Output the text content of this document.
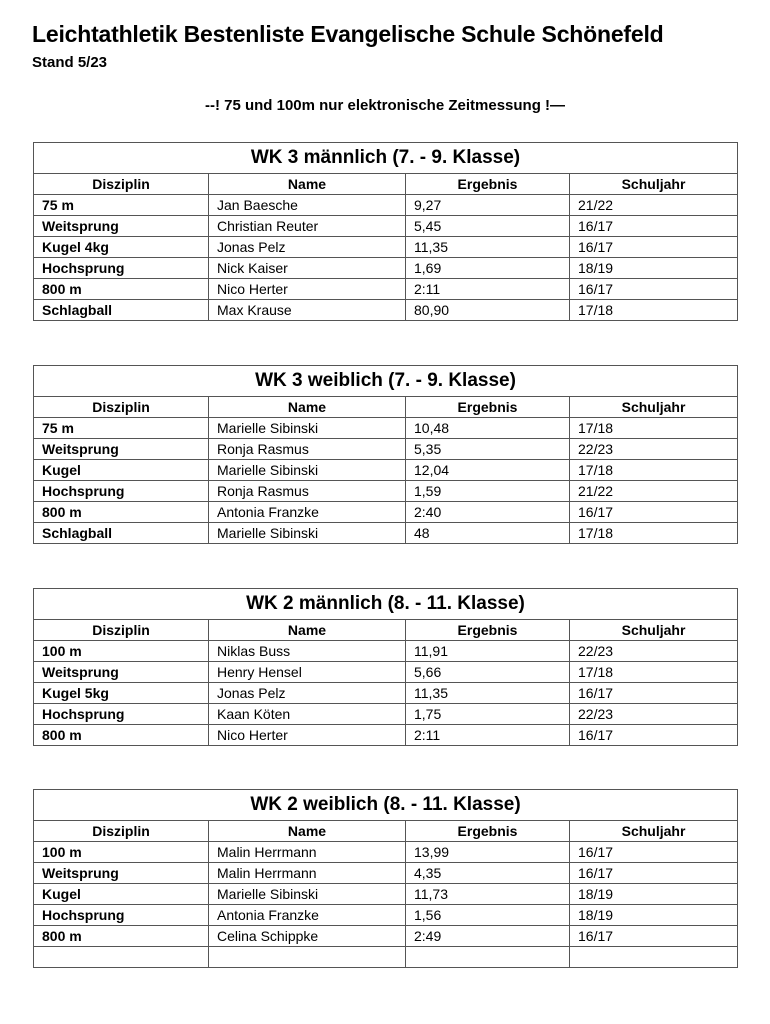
Leichtathletik Bestenliste Evangelische Schule Schönefeld
Stand 5/23
--! 75 und 100m nur elektronische Zeitmessung !—
WK 3 männlich (7. - 9. Klasse)			
Disziplin	Name	Ergebnis	Schuljahr
75 m	Jan Baesche	9,27	21/22
Weitsprung	Christian Reuter	5,45	16/17
Kugel 4kg	Jonas Pelz	11,35	16/17
Hochsprung	Nick Kaiser	1,69	18/19
800 m	Nico Herter	2:11	16/17
Schlagball	Max Krause	80,90	17/18
WK 3 weiblich (7. - 9. Klasse)			
Disziplin	Name	Ergebnis	Schuljahr
75 m	Marielle Sibinski	10,48	17/18
Weitsprung	Ronja Rasmus	5,35	22/23
Kugel	Marielle Sibinski	12,04	17/18
Hochsprung	Ronja Rasmus	1,59	21/22
800 m	Antonia Franzke	2:40	16/17
Schlagball	Marielle Sibinski	48	17/18
WK 2 männlich (8. - 11. Klasse)			
Disziplin	Name	Ergebnis	Schuljahr
100 m	Niklas Buss	11,91	22/23
Weitsprung	Henry Hensel	5,66	17/18
Kugel 5kg	Jonas Pelz	11,35	16/17
Hochsprung	Kaan Köten	1,75	22/23
800 m	Nico Herter	2:11	16/17
WK 2 weiblich (8. - 11. Klasse)			
Disziplin	Name	Ergebnis	Schuljahr
100 m	Malin Herrmann	13,99	16/17
Weitsprung	Malin Herrmann	4,35	16/17
Kugel	Marielle Sibinski	11,73	18/19
Hochsprung	Antonia Franzke	1,56	18/19
800 m	Celina Schippke	2:49	16/17
